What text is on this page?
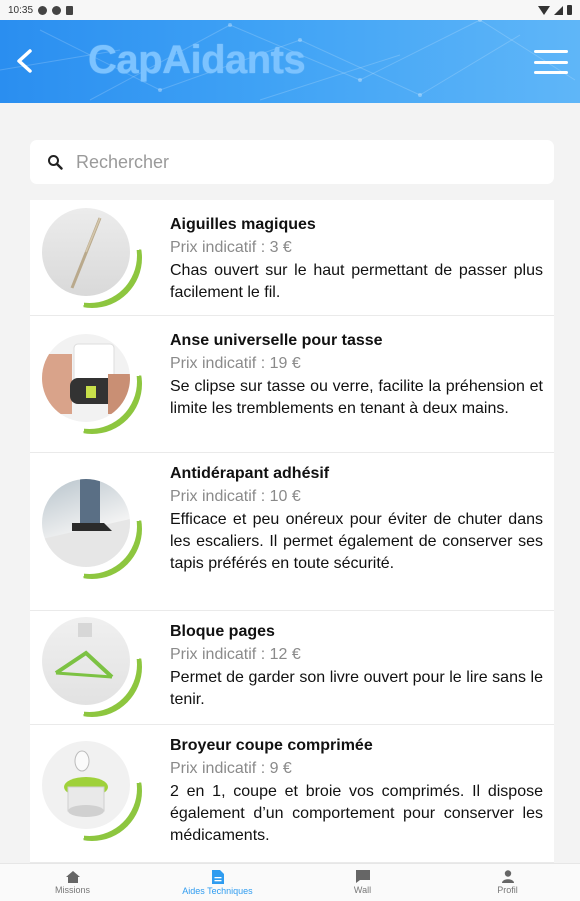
10:35
CapAidants
Rechercher
Aiguilles magiques
Prix indicatif : 3 €
Chas ouvert sur le haut permettant de passer plus facilement le fil.
Anse universelle pour tasse
Prix indicatif : 19 €
Se clipse sur tasse ou verre, facilite la préhension et limite les tremblements en tenant à deux mains.
Antidérapant adhésif
Prix indicatif : 10 €
Efficace et peu onéreux pour éviter de chuter dans les escaliers. Il permet également de conserver ses tapis préférés en toute sécurité.
Bloque pages
Prix indicatif : 12 €
Permet de garder son livre ouvert pour le lire sans le tenir.
Broyeur coupe comprimée
Prix indicatif : 9 €
2 en 1, coupe et broie vos comprimés. Il dispose également d’un comportement pour conserver les médicaments.
Missions	Aides Techniques	Wall	Profil
